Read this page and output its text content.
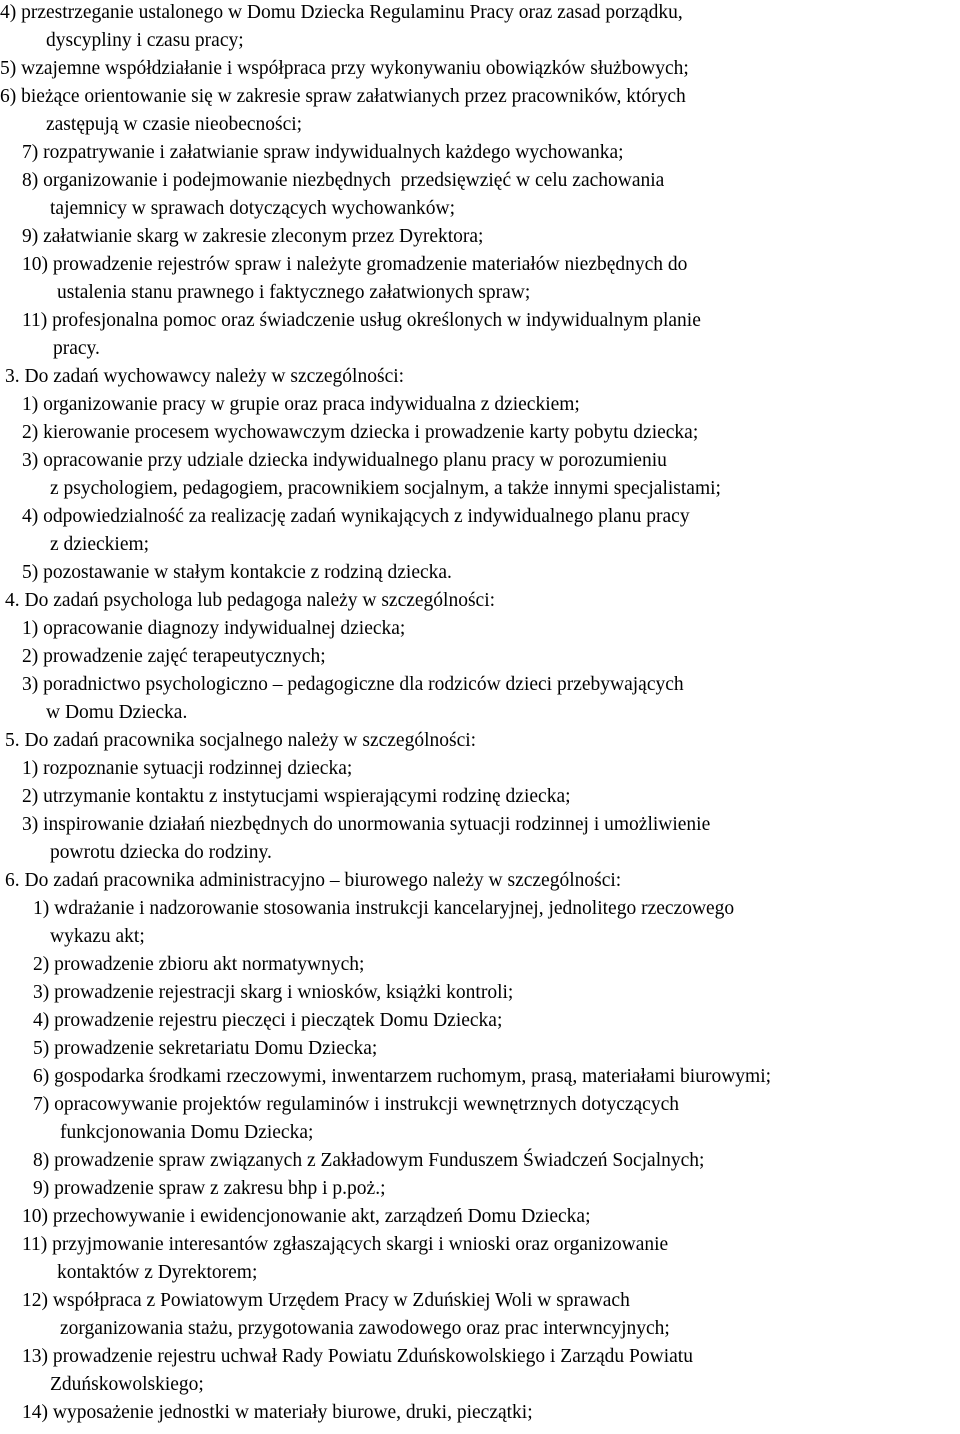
4) przestrzeganie ustalonego w Domu Dziecka Regulaminu Pracy oraz zasad porządku,
dyscypliny i czasu pracy;
5) wzajemne współdziałanie i współpraca przy wykonywaniu obowiązków służbowych;
6) bieżące orientowanie się w zakresie spraw załatwianych przez pracowników, których
zastępują w czasie nieobecności;
7) rozpatrywanie i załatwianie spraw indywidualnych każdego wychowanka;
8) organizowanie i podejmowanie niezbędnych  przedsięwzięć w celu zachowania
tajemnicy w sprawach dotyczących wychowanków;
9) załatwianie skarg w zakresie zleconym przez Dyrektora;
10) prowadzenie rejestrów spraw i należyte gromadzenie materiałów niezbędnych do
ustalenia stanu prawnego i faktycznego załatwionych spraw;
11) profesjonalna pomoc oraz świadczenie usług określonych w indywidualnym planie
pracy.
3. Do zadań wychowawcy należy w szczególności:
1) organizowanie pracy w grupie oraz praca indywidualna z dzieckiem;
2) kierowanie procesem wychowawczym dziecka i prowadzenie karty pobytu dziecka;
3) opracowanie przy udziale dziecka indywidualnego planu pracy w porozumieniu
z psychologiem, pedagogiem, pracownikiem socjalnym, a także innymi specjalistami;
4) odpowiedzialność za realizację zadań wynikających z indywidualnego planu pracy
z dzieckiem;
5) pozostawanie w stałym kontakcie z rodziną dziecka.
4. Do zadań psychologa lub pedagoga należy w szczególności:
1) opracowanie diagnozy indywidualnej dziecka;
2) prowadzenie zajęć terapeutycznych;
3) poradnictwo psychologiczno – pedagogiczne dla rodziców dzieci przebywających
w Domu Dziecka.
5. Do zadań pracownika socjalnego należy w szczególności:
1) rozpoznanie sytuacji rodzinnej dziecka;
2) utrzymanie kontaktu z instytucjami wspierającymi rodzinę dziecka;
3) inspirowanie działań niezbędnych do unormowania sytuacji rodzinnej i umożliwienie
powrotu dziecka do rodziny.
6. Do zadań pracownika administracyjno – biurowego należy w szczególności:
1) wdrażanie i nadzorowanie stosowania instrukcji kancelaryjnej, jednolitego rzeczowego
wykazu akt;
2) prowadzenie zbioru akt normatywnych;
3) prowadzenie rejestracji skarg i wniosków, książki kontroli;
4) prowadzenie rejestru pieczęci i pieczątek Domu Dziecka;
5) prowadzenie sekretariatu Domu Dziecka;
6) gospodarka środkami rzeczowymi, inwentarzem ruchomym, prasą, materiałami biurowymi;
7) opracowywanie projektów regulaminów i instrukcji wewnętrznych dotyczących
funkcjonowania Domu Dziecka;
8) prowadzenie spraw związanych z Zakładowym Funduszem Świadczeń Socjalnych;
9) prowadzenie spraw z zakresu bhp i p.poż.;
10) przechowywanie i ewidencjonowanie akt, zarządzeń Domu Dziecka;
11) przyjmowanie interesantów zgłaszających skargi i wnioski oraz organizowanie
kontaktów z Dyrektorem;
12) współpraca z Powiatowym Urzędem Pracy w Zduńskiej Woli w sprawach
zorganizowania stażu, przygotowania zawodowego oraz prac interwncyjnych;
13) prowadzenie rejestru uchwał Rady Powiatu Zduńskowolskiego i Zarządu Powiatu
Zduńskowolskiego;
14) wyposażenie jednostki w materiały biurowe, druki, pieczątki;
